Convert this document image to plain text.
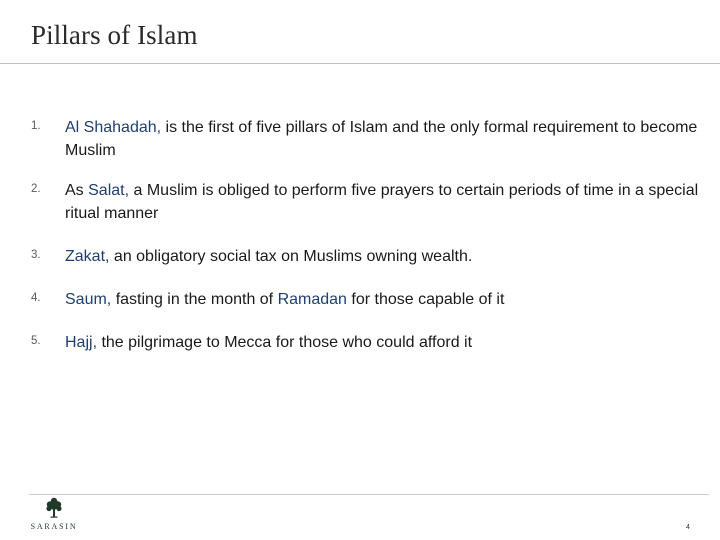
Pillars of Islam
1. Al Shahadah, is the first of five pillars of Islam and the only formal requirement to become Muslim
2. As Salat, a Muslim is obliged to perform five prayers to certain periods of time in a special ritual manner
3. Zakat, an obligatory social tax on Muslims owning wealth.
4. Saum, fasting in the month of Ramadan for those capable of it
5. Hajj, the pilgrimage to Mecca for those who could afford it
SARASIN	4
